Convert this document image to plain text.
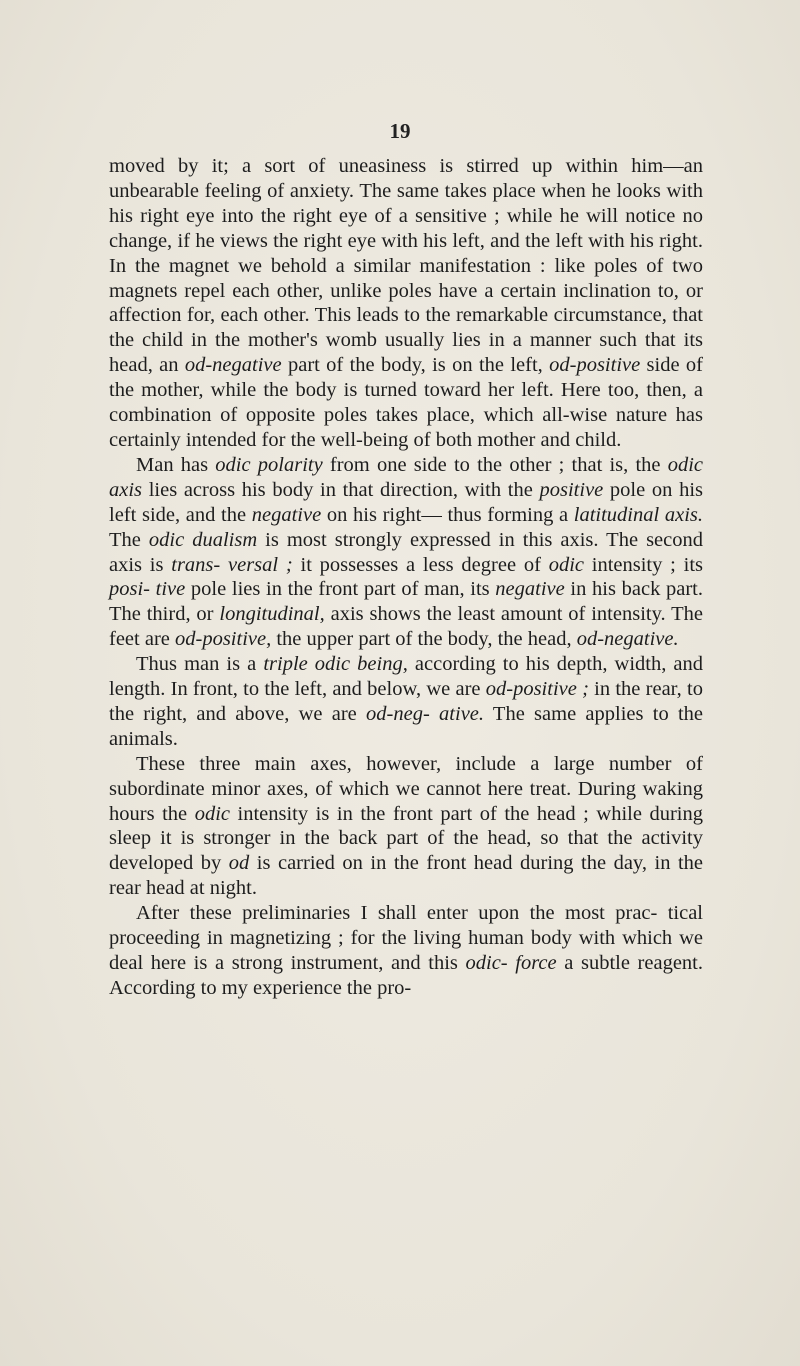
19

moved by it; a sort of uneasiness is stirred up within him—an unbearable feeling of anxiety. The same takes place when he looks with his right eye into the right eye of a sensitive ; while he will notice no change, if he views the right eye with his left, and the left with his right. In the magnet we behold a similar manifestation : like poles of two magnets repel each other, unlike poles have a certain inclination to, or affection for, each other. This leads to the remarkable circumstance, that the child in the mother's womb usually lies in a manner such that its head, an od-negative part of the body, is on the left, od-positive side of the mother, while the body is turned toward her left. Here too, then, a combination of opposite poles takes place, which all-wise nature has certainly intended for the well-being of both mother and child.

Man has odic polarity from one side to the other ; that is, the odic axis lies across his body in that direction, with the positive pole on his left side, and the negative on his right— thus forming a latitudinal axis. The odic dualism is most strongly expressed in this axis. The second axis is trans- versal ; it possesses a less degree of odic intensity ; its posi- tive pole lies in the front part of man, its negative in his back part. The third, or longitudinal, axis shows the least amount of intensity. The feet are od-positive, the upper part of the body, the head, od-negative.

Thus man is a triple odic being, according to his depth, width, and length. In front, to the left, and below, we are od-positive ; in the rear, to the right, and above, we are od-neg- ative. The same applies to the animals.

These three main axes, however, include a large number of subordinate minor axes, of which we cannot here treat. During waking hours the odic intensity is in the front part of the head ; while during sleep it is stronger in the back part of the head, so that the activity developed by od is carried on in the front head during the day, in the rear head at night.

After these preliminaries I shall enter upon the most prac- tical proceeding in magnetizing ; for the living human body with which we deal here is a strong instrument, and this odic- force a subtle reagent. According to my experience the pro-
